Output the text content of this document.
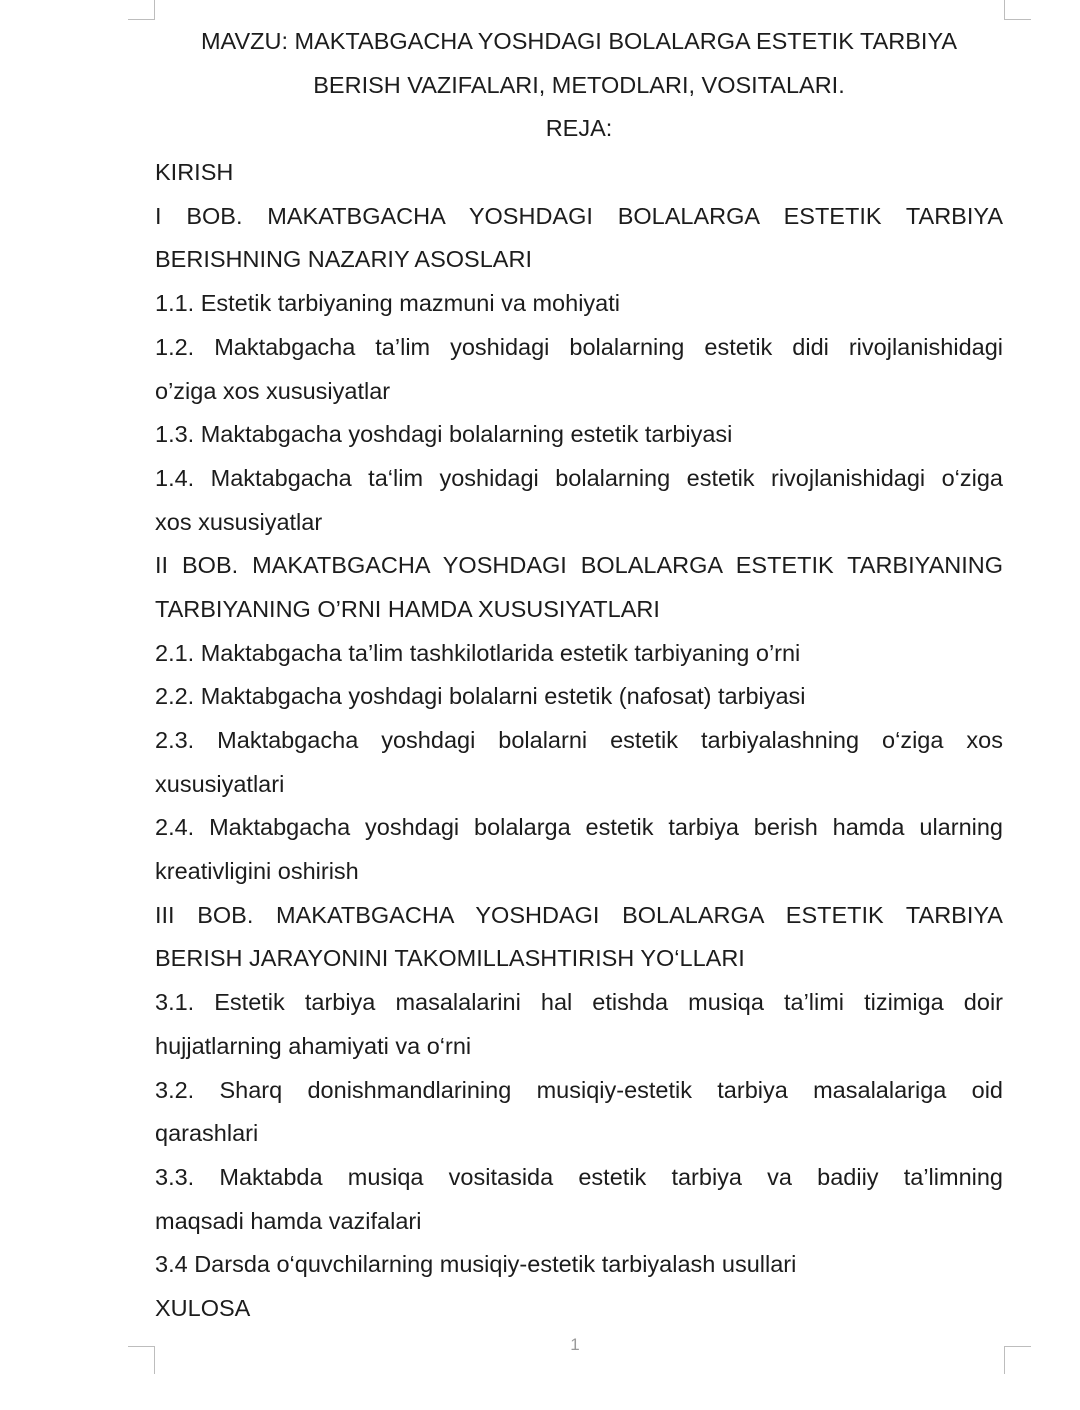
MAVZU: MAKTABGACHA YOSHDAGI BOLALARGA ESTETIK TARBIYA
BERISH VAZIFALARI, METODLARI, VOSITALARI.
REJA:
KIRISH
I BOB. MAKATBGACHA YOSHDAGI BOLALARGA ESTETIK TARBIYA
BERISHNING NAZARIY ASOSLARI
1.1. Estetik tarbiyaning mazmuni va mohiyati
1.2. Maktabgacha ta’lim yoshidagi bolalarning estetik didi rivojlanishidagi
o’ziga xos xususiyatlar
1.3. Maktabgacha yoshdagi bolalarning estetik tarbiyasi
1.4. Maktabgacha ta‘lim yoshidagi bolalarning estetik rivojlanishidagi o‘ziga
xos xususiyatlar
II BOB. MAKATBGACHA YOSHDAGI BOLALARGA ESTETIK TARBIYANING
TARBIYANING O’RNI HAMDA XUSUSIYATLARI
2.1. Maktabgacha ta’lim tashkilotlarida estetik tarbiyaning o’rni
2.2. Maktabgacha yoshdagi bolalarni estetik (nafosat) tarbiyasi
2.3. Maktabgacha yoshdagi bolalarni estetik tarbiyalashning o‘ziga xos
xususiyatlari
2.4. Maktabgacha yoshdagi bolalarga estetik tarbiya berish hamda ularning
kreativligini oshirish
III BOB. MAKATBGACHA YOSHDAGI BOLALARGA ESTETIK TARBIYA
BERISH JARAYONINI TAKOMILLASHTIRISH YO‘LLARI
3.1. Estetik tarbiya masalalarini hal etishda musiqa ta’limi tizimiga doir
hujjatlarning ahamiyati va o‘rni
3.2. Sharq donishmandlarining musiqiy-estetik tarbiya masalalariga oid
qarashlari
3.3. Maktabda musiqa vositasida estetik tarbiya va badiiy ta’limning
maqsadi hamda vazifalari
3.4 Darsda o‘quvchilarning musiqiy-estetik tarbiyalash usullari
XULOSA
1
